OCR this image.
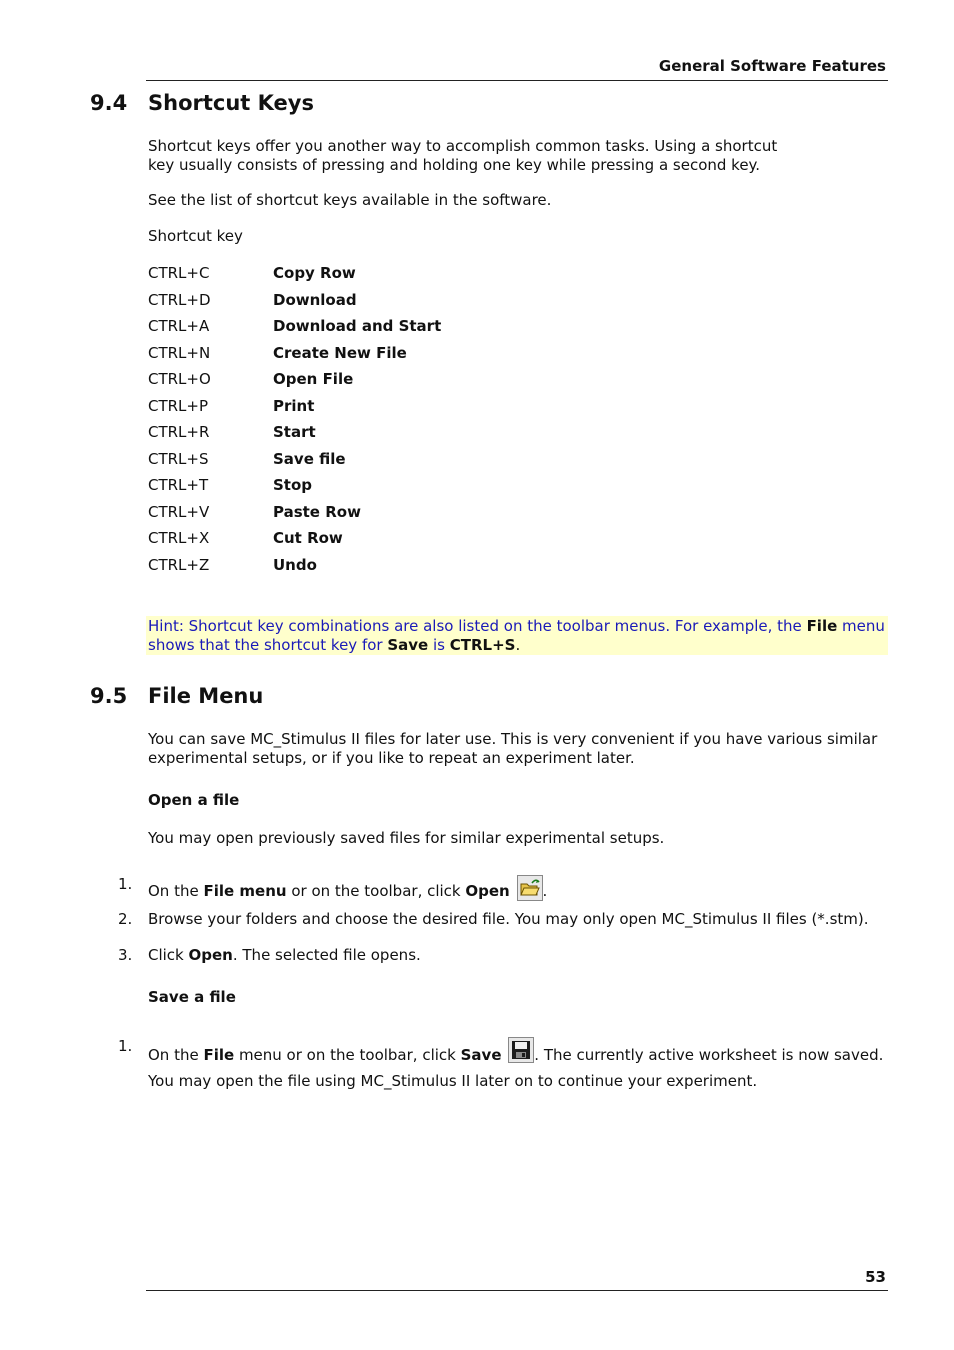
General Software Features
9.4 Shortcut Keys

Shortcut keys offer you another way to accomplish common tasks. Using a shortcut

key usually consists of pressing and holding one key while pressing a second key.

See the list of shortcut keys available in the software.

Shortcut key

CTRL+C	Copy Row
CTRL+D	Download
CTRL+A	Download and Start
CTRL+N	Create New File
CTRL+O	Open File
CTRL+P	Print
CTRL+R	Start
CTRL+S	Save file
CTRL+T	Stop
CTRL+V	Paste Row
CTRL+X	Cut Row
CTRL+Z	Undo
Hint: Shortcut key combinations are also listed on the toolbar menus. For example, the File menu
shows that the shortcut key for Save is CTRL+S.
9.5 File Menu

You can save MC_Stimulus II files for later use. This is very convenient if you have various similar

experimental setups, or if you like to repeat an experiment later.

Open a file

You may open previously saved files for similar experimental setups.

1. On the File menu or on the toolbar, click Open .
2. Browse your folders and choose the desired file. You may only open MC_Stimulus II files (*.stm).
3. Click Open. The selected file opens.
Save a file
1. On the File menu or on the toolbar, click Save . The currently active worksheet is now saved.

You may open the file using MC_Stimulus II later on to continue your experiment.

53
